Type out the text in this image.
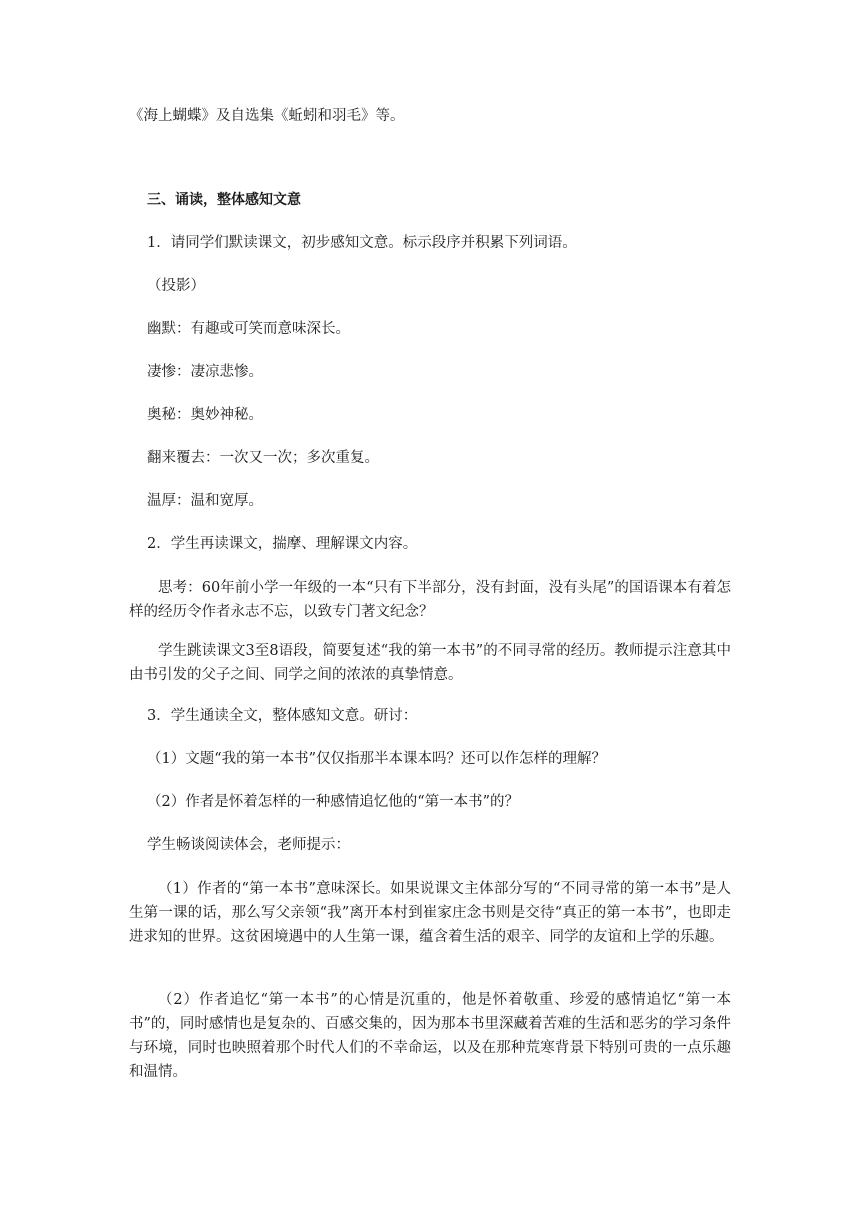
《海上蝴蝶》及自选集《蚯蚓和羽毛》等。

三、诵读，整体感知文意

1．请同学们默读课文，初步感知文意。标示段序并积累下列词语。

（投影）

幽默：有趣或可笑而意味深长。

凄惨：凄凉悲惨。

奥秘：奥妙神秘。

翻来覆去：一次又一次；多次重复。

温厚：温和宽厚。

2．学生再读课文，揣摩、理解课文内容。

思考：60年前小学一年级的一本“只有下半部分，没有封面，没有头尾”的国语课本有着怎样的经历令作者永志不忘，以致专门著文纪念？

学生跳读课文3至8语段，简要复述“我的第一本书”的不同寻常的经历。教师提示注意其中由书引发的父子之间、同学之间的浓浓的真挚情意。

3．学生通读全文，整体感知文意。研讨：

（1）文题“我的第一本书”仅仅指那半本课本吗？还可以作怎样的理解？

（2）作者是怀着怎样的一种感情追忆他的“第一本书”的？

学生畅谈阅读体会，老师提示：

（1）作者的“第一本书”意味深长。如果说课文主体部分写的“不同寻常的第一本书”是人生第一课的话，那么写父亲领“我”离开本村到崔家庄念书则是交待“真正的第一本书”，也即走进求知的世界。这贫困境遇中的人生第一课，蕴含着生活的艰辛、同学的友谊和上学的乐趣。

（2）作者追忆“第一本书”的心情是沉重的，他是怀着敬重、珍爱的感情追忆“第一本书”的，同时感情也是复杂的、百感交集的，因为那本书里深藏着苦难的生活和恶劣的学习条件与环境，同时也映照着那个时代人们的不幸命运，以及在那种荒寒背景下特别可贵的一点乐趣和温情。
